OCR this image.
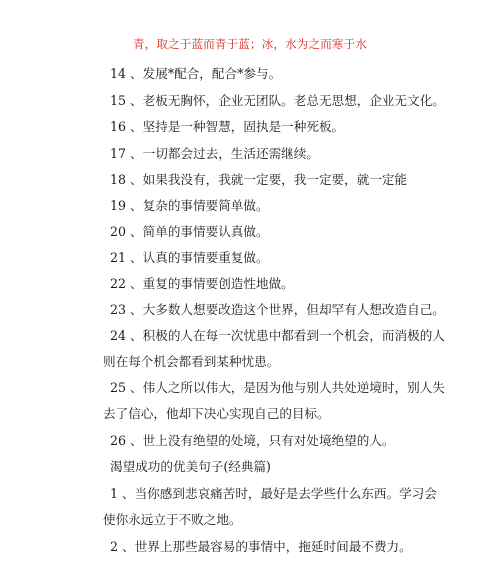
青，取之于蓝而青于蓝；冰，水为之而寒于水
14 、发展*配合，配合*参与。
15 、老板无胸怀，企业无团队。老总无思想，企业无文化。
16 、坚持是一种智慧，固执是一种死板。
17 、一切都会过去，生活还需继续。
18 、如果我没有，我就一定要，我一定要，就一定能
19 、复杂的事情要简单做。
20 、简单的事情要认真做。
21 、认真的事情要重复做。
22 、重复的事情要创造性地做。
23 、大多数人想要改造这个世界，但却罕有人想改造自己。
24 、积极的人在每一次忧患中都看到一个机会，而消极的人
则在每个机会都看到某种忧患。
25 、伟人之所以伟大，是因为他与别人共处逆境时，别人失
去了信心，他却下决心实现自己的目标。
26 、世上没有绝望的处境，只有对处境绝望的人。
渴望成功的优美句子(经典篇)
1 、当你感到悲哀痛苦时，最好是去学些什么东西。学习会
使你永远立于不败之地。
2 、世界上那些最容易的事情中，拖延时间最不费力。
